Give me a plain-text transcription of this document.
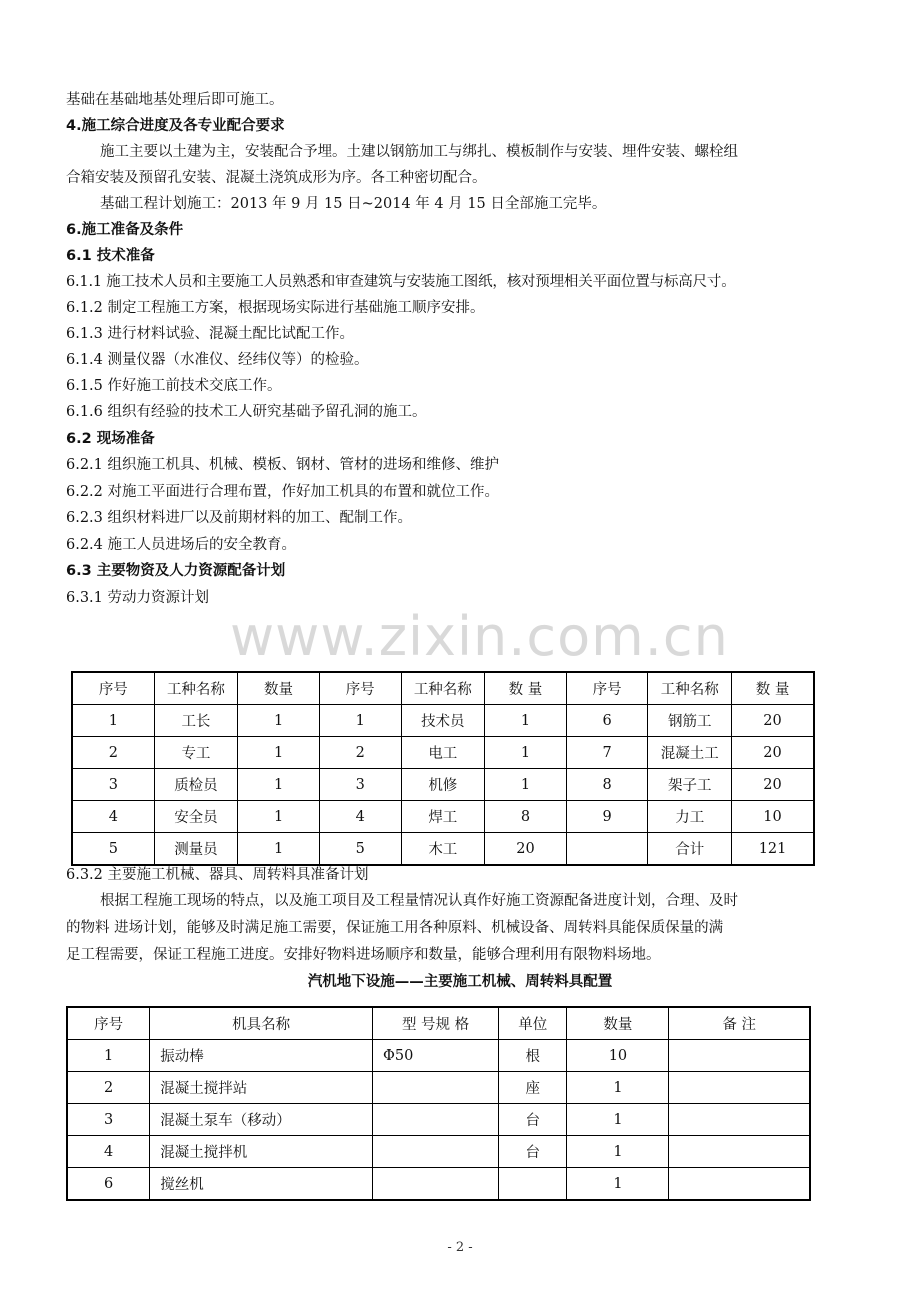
基础在基础地基处理后即可施工。
4.施工综合进度及各专业配合要求
施工主要以土建为主，安装配合予埋。土建以钢筋加工与绑扎、模板制作与安装、埋件安装、螺栓组
合箱安装及预留孔安装、混凝土浇筑成形为序。各工种密切配合。
基础工程计划施工：2013 年 9 月 15 日~2014 年 4 月 15 日全部施工完毕。
6.施工准备及条件
6.1 技术准备
6.1.1 施工技术人员和主要施工人员熟悉和审查建筑与安装施工图纸，核对预埋相关平面位置与标高尺寸。
6.1.2 制定工程施工方案，根据现场实际进行基础施工顺序安排。
6.1.3 进行材料试验、混凝土配比试配工作。
6.1.4 测量仪器（水准仪、经纬仪等）的检验。
6.1.5 作好施工前技术交底工作。
6.1.6 组织有经验的技术工人研究基础予留孔洞的施工。
6.2 现场准备
6.2.1 组织施工机具、机械、模板、钢材、管材的进场和维修、维护
6.2.2 对施工平面进行合理布置，作好加工机具的布置和就位工作。
6.2.3 组织材料进厂以及前期材料的加工、配制工作。
6.2.4 施工人员进场后的安全教育。
6.3 主要物资及人力资源配备计划
6.3.1 劳动力资源计划
www.zixin.com.cn
序号	工种名称	数量	序号	工种名称	数 量	序号	工种名称	数 量
1	工长	1	1	技术员	1	6	钢筋工	20
2	专工	1	2	电工	1	7	混凝土工	20
3	质检员	1	3	机修	1	8	架子工	20
4	安全员	1	4	焊工	8	9	力工	10
5	测量员	1	5	木工	20		合计	121
6.3.2 主要施工机械、器具、周转料具准备计划
根据工程施工现场的特点，以及施工项目及工程量情况认真作好施工资源配备进度计划，合理、及时
的物料 进场计划，能够及时满足施工需要，保证施工用各种原料、机械设备、周转料具能保质保量的满
足工程需要，保证工程施工进度。安排好物料进场顺序和数量，能够合理利用有限物料场地。
汽机地下设施——主要施工机械、周转料具配置
序号	机具名称	型 号规 格	单位	数量	备 注
1	振动棒	Φ50	根	10	
2	混凝土搅拌站		座	1	
3	混凝土泵车（移动）		台	1	
4	混凝土搅拌机		台	1	
6	搅丝机			1	
- 2 -
